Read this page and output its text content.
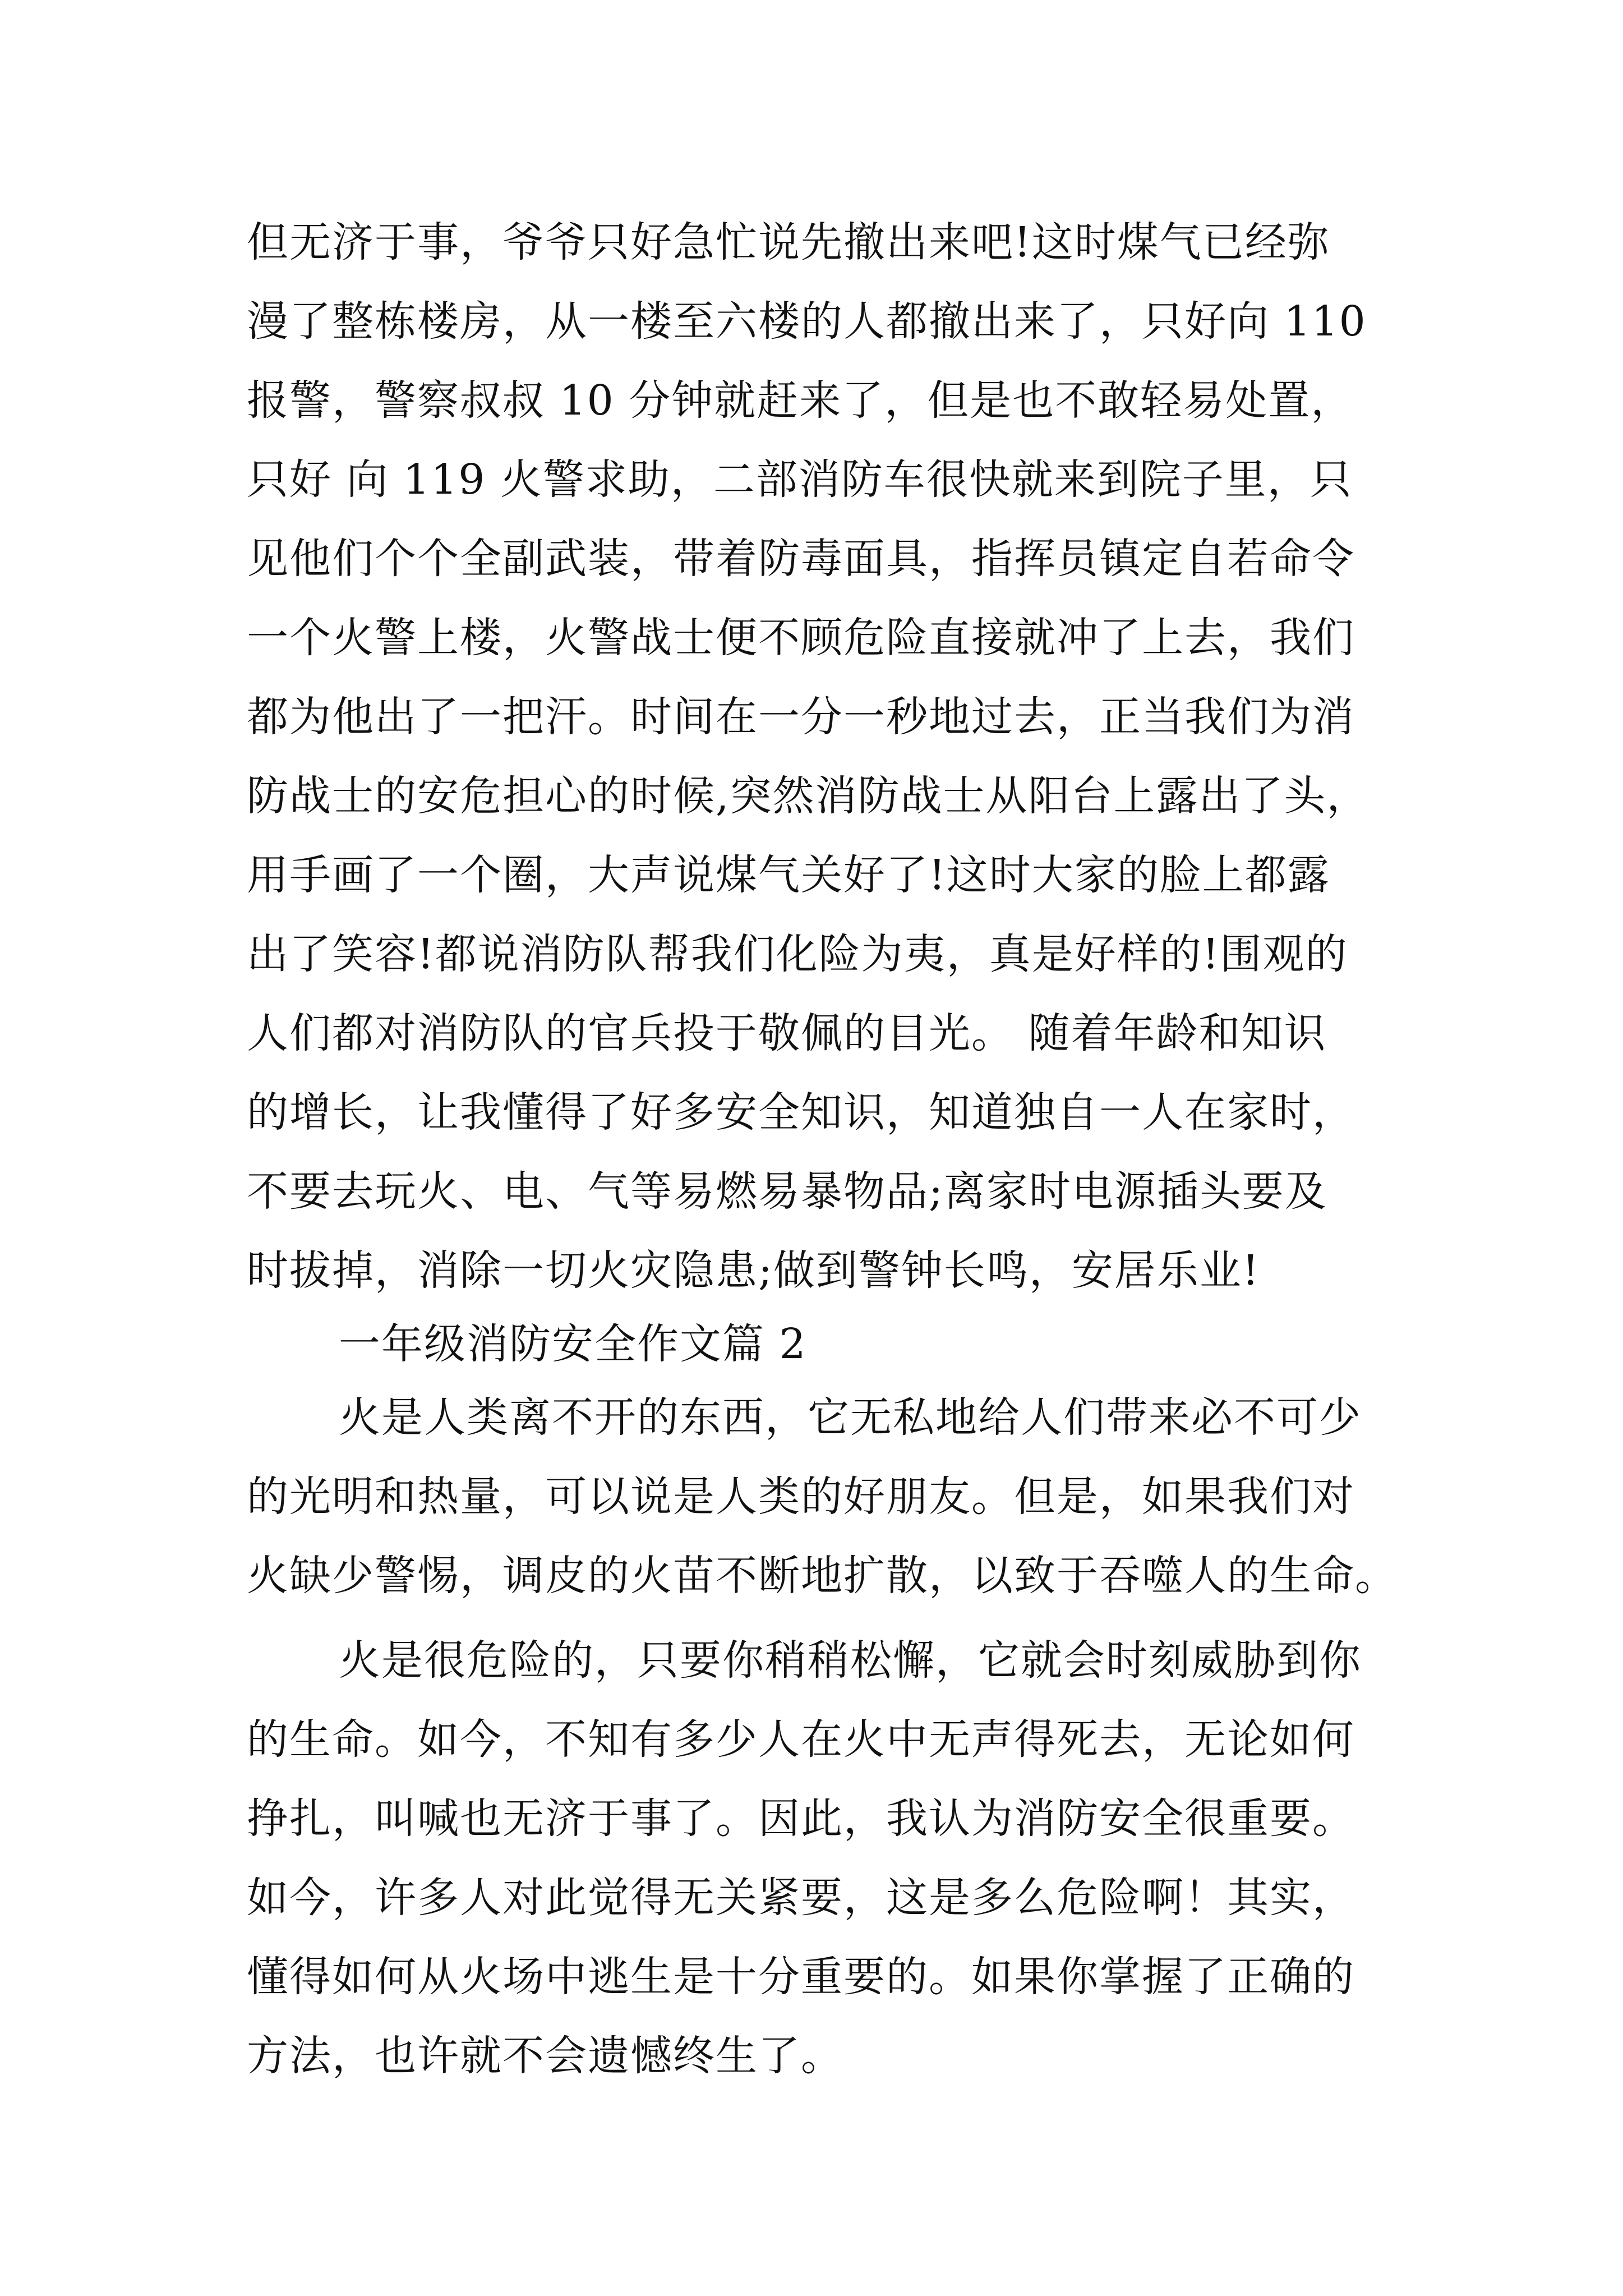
但无济于事，爷爷只好急忙说先撤出来吧!这时煤气已经弥
漫了整栋楼房，从一楼至六楼的人都撤出来了，只好向 110
报警，警察叔叔 10 分钟就赶来了，但是也不敢轻易处置，
只好 向 119 火警求助，二部消防车很快就来到院子里，只
见他们个个全副武装，带着防毒面具，指挥员镇定自若命令
一个火警上楼，火警战士便不顾危险直接就冲了上去，我们
都为他出了一把汗。时间在一分一秒地过去，正当我们为消
防战士的安危担心的时候,突然消防战士从阳台上露出了头，
用手画了一个圈，大声说煤气关好了!这时大家的脸上都露
出了笑容!都说消防队帮我们化险为夷，真是好样的!围观的
人们都对消防队的官兵投于敬佩的目光。 随着年龄和知识
的增长，让我懂得了好多安全知识，知道独自一人在家时，
不要去玩火、电、气等易燃易暴物品;离家时电源插头要及
时拔掉，消除一切火灾隐患;做到警钟长鸣，安居乐业!
一年级消防安全作文篇 2
火是人类离不开的东西，它无私地给人们带来必不可少
的光明和热量，可以说是人类的好朋友。但是，如果我们对
火缺少警惕，调皮的火苗不断地扩散，以致于吞噬人的生命。
火是很危险的，只要你稍稍松懈，它就会时刻威胁到你
的生命。如今，不知有多少人在火中无声得死去，无论如何
挣扎，叫喊也无济于事了。因此，我认为消防安全很重要。
如今，许多人对此觉得无关紧要，这是多么危险啊！其实，
懂得如何从火场中逃生是十分重要的。如果你掌握了正确的
方法，也许就不会遗憾终生了。
